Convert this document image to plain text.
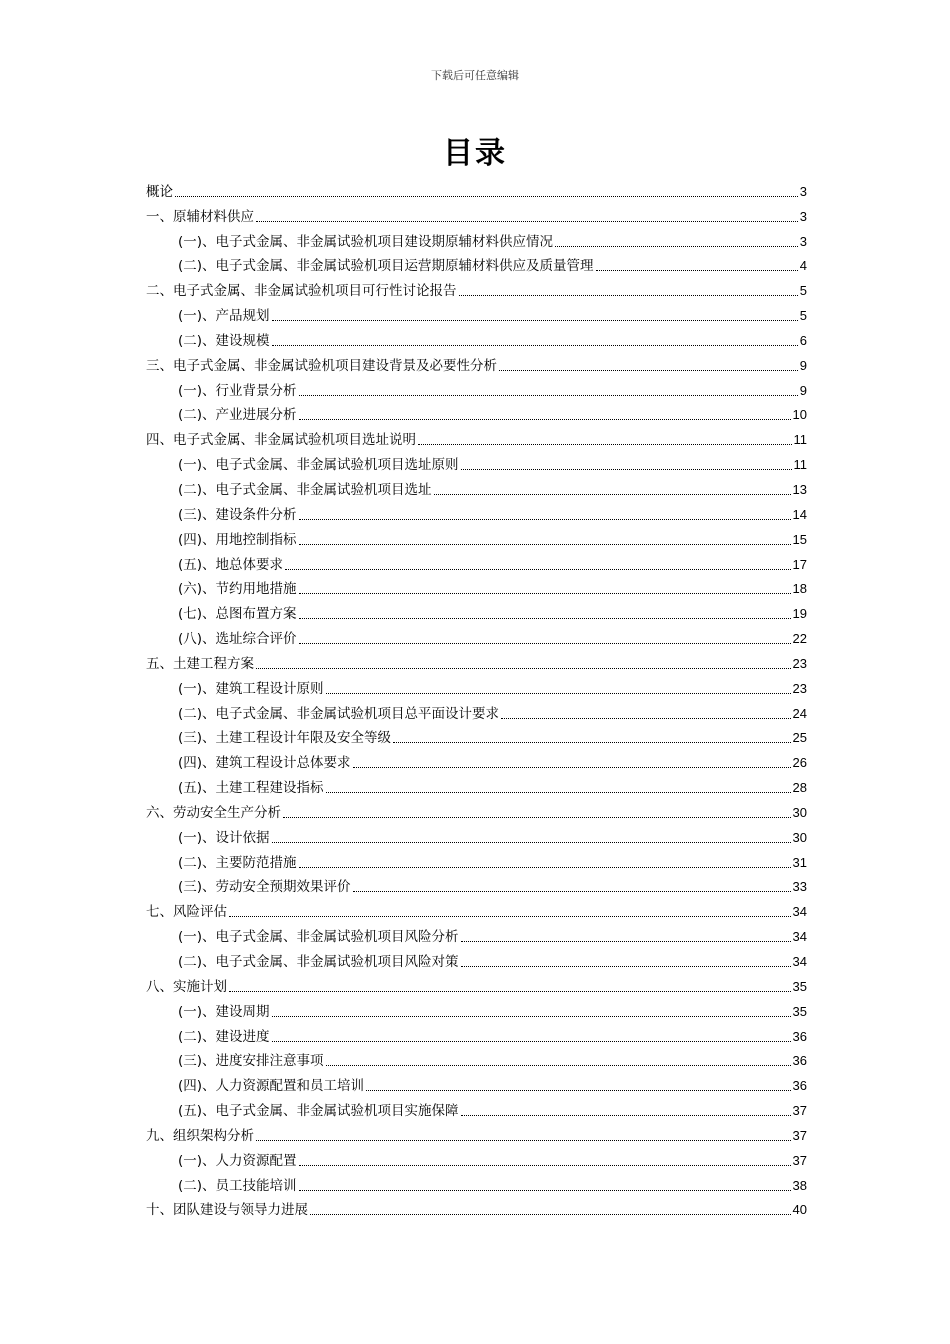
下载后可任意编辑
目录
概论	3
一、原辅材料供应	3
(一)、电子式金属、非金属试验机项目建设期原辅材料供应情况	3
(二)、电子式金属、非金属试验机项目运营期原辅材料供应及质量管理	4
二、电子式金属、非金属试验机项目可行性讨论报告	5
(一)、产品规划	5
(二)、建设规模	6
三、电子式金属、非金属试验机项目建设背景及必要性分析	9
(一)、行业背景分析	9
(二)、产业进展分析	10
四、电子式金属、非金属试验机项目选址说明	11
(一)、电子式金属、非金属试验机项目选址原则	11
(二)、电子式金属、非金属试验机项目选址	13
(三)、建设条件分析	14
(四)、用地控制指标	15
(五)、地总体要求	17
(六)、节约用地措施	18
(七)、总图布置方案	19
(八)、选址综合评价	22
五、土建工程方案	23
(一)、建筑工程设计原则	23
(二)、电子式金属、非金属试验机项目总平面设计要求	24
(三)、土建工程设计年限及安全等级	25
(四)、建筑工程设计总体要求	26
(五)、土建工程建设指标	28
六、劳动安全生产分析	30
(一)、设计依据	30
(二)、主要防范措施	31
(三)、劳动安全预期效果评价	33
七、风险评估	34
(一)、电子式金属、非金属试验机项目风险分析	34
(二)、电子式金属、非金属试验机项目风险对策	34
八、实施计划	35
(一)、建设周期	35
(二)、建设进度	36
(三)、进度安排注意事项	36
(四)、人力资源配置和员工培训	36
(五)、电子式金属、非金属试验机项目实施保障	37
九、组织架构分析	37
(一)、人力资源配置	37
(二)、员工技能培训	38
十、团队建设与领导力进展	40
